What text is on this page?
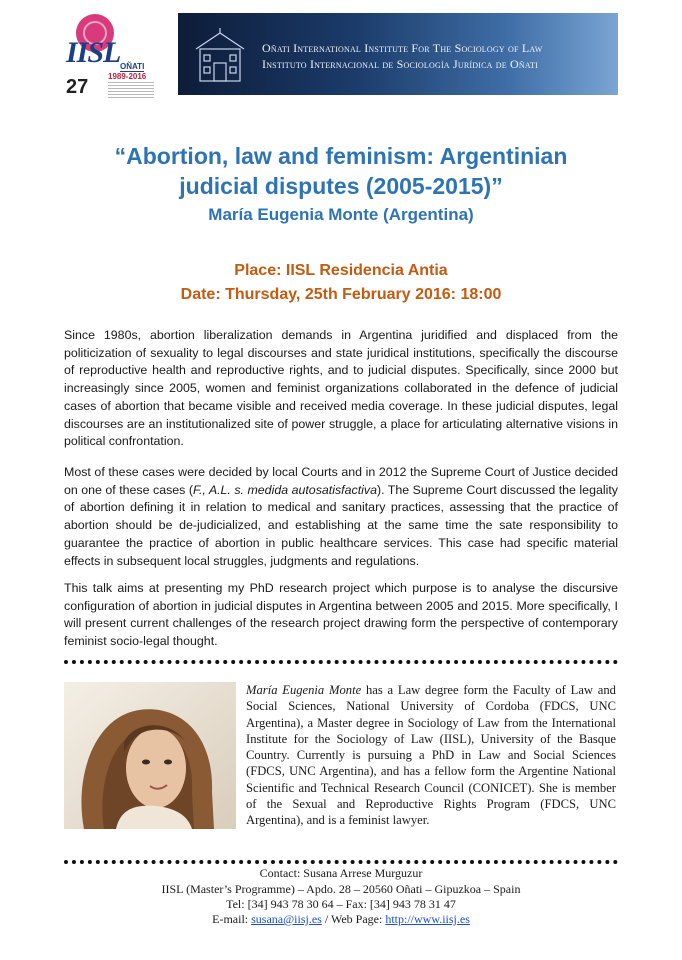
IISL OÑATI
1989-2016
27
Oñati International Institute For The Sociology of Law
Instituto Internacional de Sociología Jurídica de Oñati
“Abortion, law and feminism: Argentinian
judicial disputes (2005-2015)”
María Eugenia Monte (Argentina)
Place: IISL Residencia Antia
Date: Thursday, 25th February 2016: 18:00
Since 1980s, abortion liberalization demands in Argentina juridified and displaced from the politicization of sexuality to legal discourses and state juridical institutions, specifically the discourse of reproductive health and reproductive rights, and to judicial disputes. Specifically, since 2000 but increasingly since 2005, women and feminist organizations collaborated in the defence of judicial cases of abortion that became visible and received media coverage. In these judicial disputes, legal discourses are an institutionalized site of power struggle, a place for articulating alternative visions in political confrontation.
Most of these cases were decided by local Courts and in 2012 the Supreme Court of Justice decided on one of these cases (F., A.L. s. medida autosatisfactiva). The Supreme Court discussed the legality of abortion defining it in relation to medical and sanitary practices, assessing that the practice of abortion should be de-judicialized, and establishing at the same time the sate responsibility to guarantee the practice of abortion in public healthcare services. This case had specific material effects in subsequent local struggles, judgments and regulations.
This talk aims at presenting my PhD research project which purpose is to analyse the discursive configuration of abortion in judicial disputes in Argentina between 2005 and 2015. More specifically, I will present current challenges of the research project drawing form the perspective of contemporary feminist socio-legal thought.
María Eugenia Monte has a Law degree form the Faculty of Law and Social Sciences, National University of Cordoba (FDCS, UNC Argentina), a Master degree in Sociology of Law from the International Institute for the Sociology of Law (IISL), University of the Basque Country. Currently is pursuing a PhD in Law and Social Sciences (FDCS, UNC Argentina), and has a fellow form the Argentine National Scientific and Technical Research Council (CONICET). She is member of the Sexual and Reproductive Rights Program (FDCS, UNC Argentina), and is a feminist lawyer.
Contact: Susana Arrese Murguzur
IISL (Master’s Programme) – Apdo. 28 – 20560 Oñati – Gipuzkoa – Spain
Tel: [34] 943 78 30 64 – Fax: [34] 943 78 31 47
E-mail: susana@iisj.es / Web Page: http://www.iisj.es
